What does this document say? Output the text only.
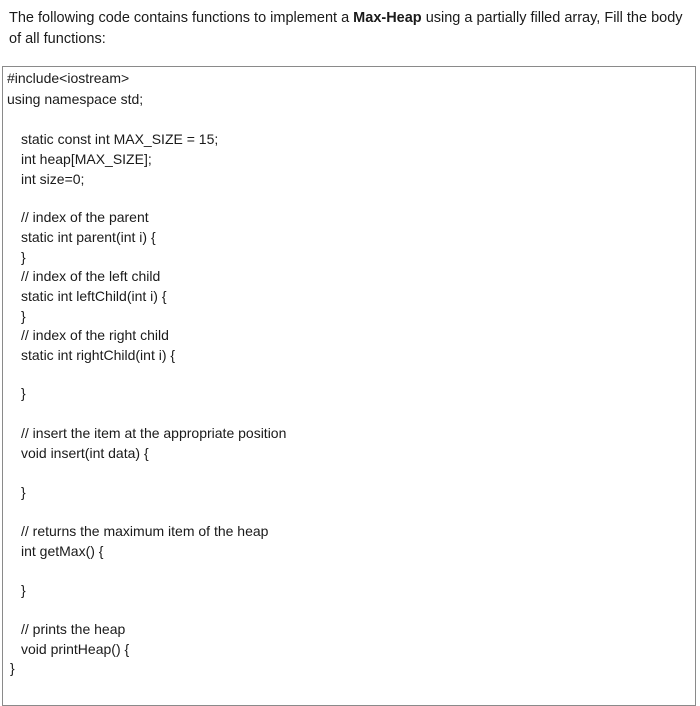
The following code contains functions to implement a Max-Heap using a partially filled array, Fill the body of all functions:
#include<iostream>
using namespace std;
static const int MAX_SIZE = 15;
int heap[MAX_SIZE];
int size=0;
// index of the parent
static int parent(int i) {
}
// index of the left child
static int leftChild(int i) {
}
// index of the right child
static int rightChild(int i) {
}
// insert the item at the appropriate position
void insert(int data) {
}
// returns the maximum item of the heap
int getMax() {
}
// prints the heap
void printHeap() {
}
